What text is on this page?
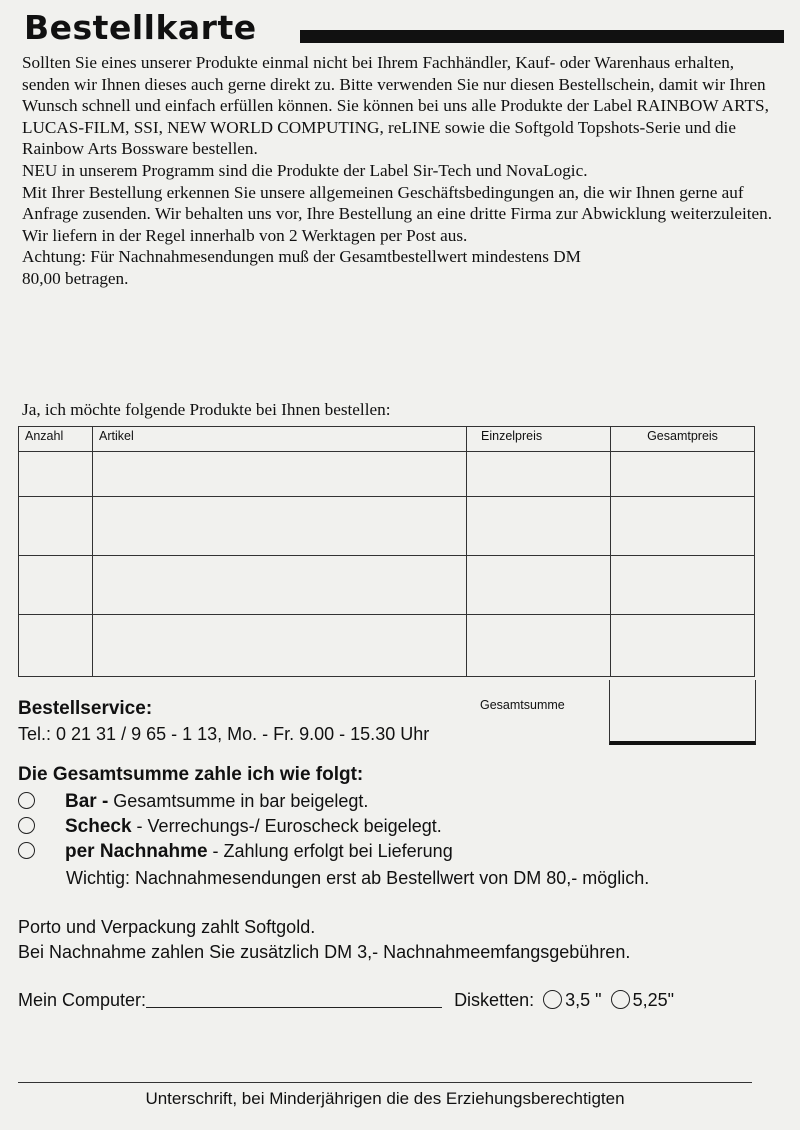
Bestellkarte

Sollten Sie eines unserer Produkte einmal nicht bei Ihrem Fachhändler, Kauf- oder Warenhaus erhalten, senden wir Ihnen dieses auch gerne direkt zu. Bitte verwenden Sie nur diesen Bestellschein, damit wir Ihren Wunsch schnell und einfach erfüllen können. Sie können bei uns alle Produkte der Label RAINBOW ARTS, LUCAS-FILM, SSI, NEW WORLD COMPUTING, reLINE sowie die Softgold Topshots-Serie und die Rainbow Arts Bossware bestellen.

NEU in unserem Programm sind die Produkte der Label Sir-Tech und NovaLogic.

Mit Ihrer Bestellung erkennen Sie unsere allgemeinen Geschäftsbedingungen an, die wir Ihnen gerne auf Anfrage zusenden. Wir behalten uns vor, Ihre Bestellung an eine dritte Firma zur Abwicklung weiterzuleiten.

Wir liefern in der Regel innerhalb von 2 Werktagen per Post aus.

Achtung: Für Nachnahmesendungen muß der Gesamtbestellwert mindestens DM 80,00 betragen.

Ja, ich möchte folgende Produkte bei Ihnen bestellen:
Anzahl	Artikel	Einzelpreis	Gesamtpreis

Gesamtsumme
Bestellservice:
Tel.: 0 21 31 / 9 65 - 1 13, Mo. - Fr. 9.00 - 15.30 Uhr
Die Gesamtsumme zahle ich wie folgt:
Bar - Gesamtsumme in bar beigelegt.
Scheck - Verrechungs-/ Euroscheck beigelegt.
per Nachnahme - Zahlung erfolgt bei Lieferung
Wichtig: Nachnahmesendungen erst ab Bestellwert von DM 80,- möglich.
Porto und Verpackung zahlt Softgold.
Bei Nachnahme zahlen Sie zusätzlich DM 3,- Nachnahmeemfangsgebühren.
Mein Computer:	Disketten: 3,5 " 5,25"
Unterschrift, bei Minderjährigen die des Erziehungsberechtigten
